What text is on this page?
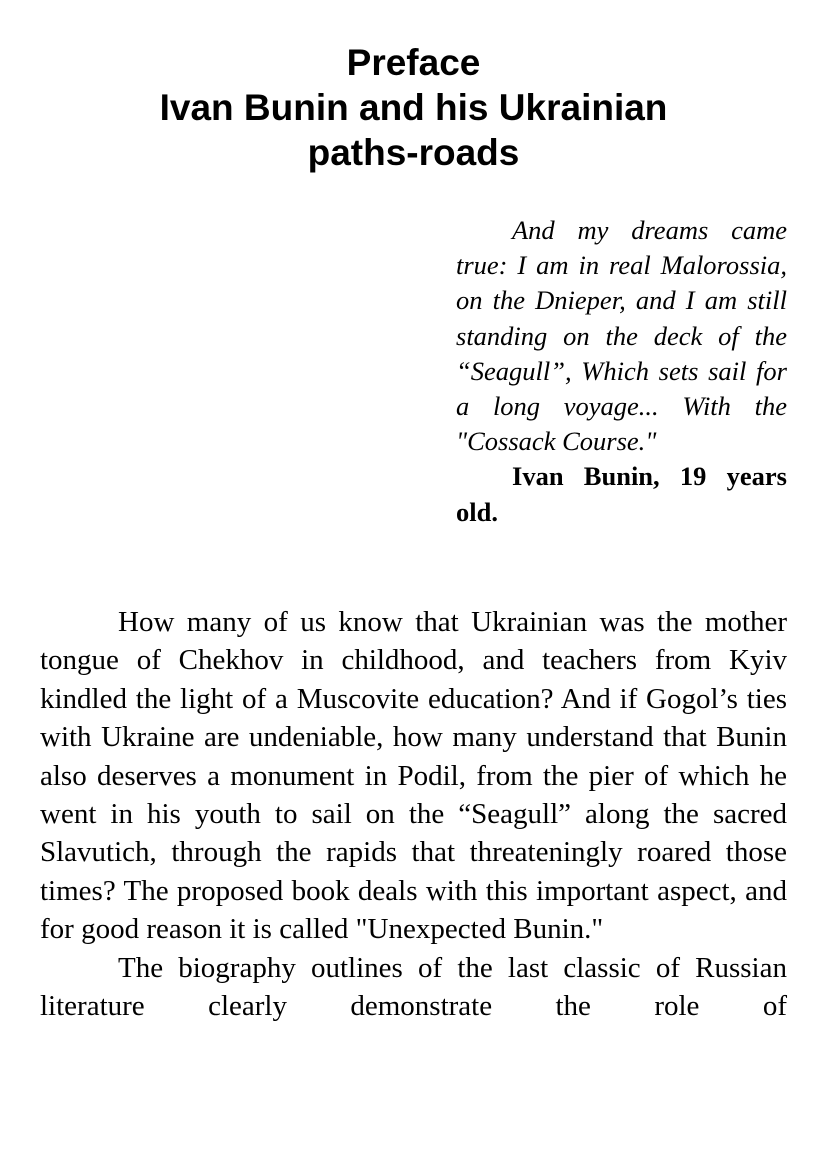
Preface
Ivan Bunin and his Ukrainian
paths-roads

And my dreams came true: I am in real Malorossia, on the Dnieper, and I am still standing on the deck of the “Seagull”, Which sets sail for a long voyage... With the "Cossack Course."

Ivan Bunin, 19 years old.

How many of us know that Ukrainian was the mother tongue of Chekhov in childhood, and teachers from Kyiv kindled the light of a Muscovite education? And if Gogol’s ties with Ukraine are undeniable, how many understand that Bunin also deserves a monument in Podil, from the pier of which he went in his youth to sail on the “Seagull” along the sacred Slavutich, through the rapids that threateningly roared those times? The proposed book deals with this important aspect, and for good reason it is called "Unexpected Bunin."

The biography outlines of the last classic of Russian literature clearly demonstrate the role of
